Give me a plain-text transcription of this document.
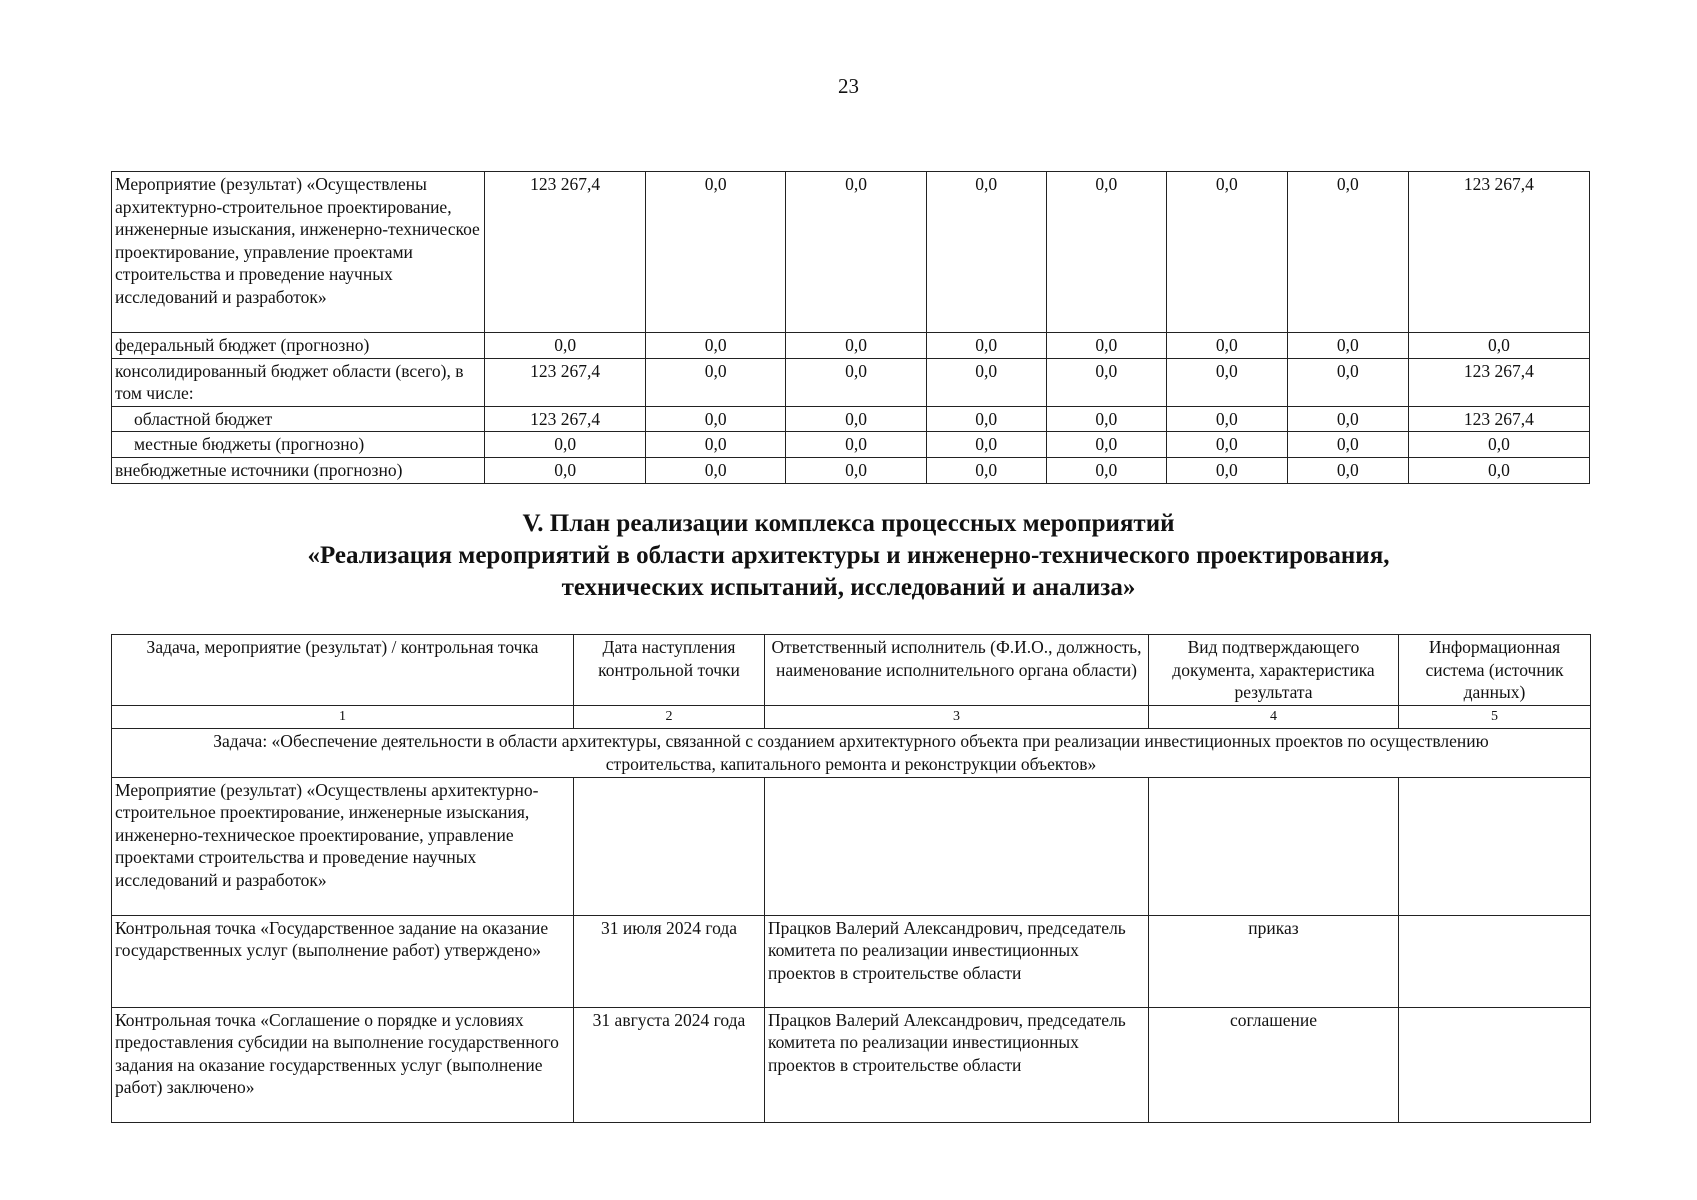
23
Мероприятие (результат) «Осуществлены архитектурно-строительное проектирование, инженерные изыскания, инженерно-техническое проектирование, управление проектами строительства и проведение научных исследований и разработок»	123 267,4	0,0	0,0	0,0	0,0	0,0	0,0	123 267,4
федеральный бюджет (прогнозно)	0,0	0,0	0,0	0,0	0,0	0,0	0,0	0,0
консолидированный бюджет области (всего), в том числе:	123 267,4	0,0	0,0	0,0	0,0	0,0	0,0	123 267,4
областной бюджет	123 267,4	0,0	0,0	0,0	0,0	0,0	0,0	123 267,4
местные бюджеты (прогнозно)	0,0	0,0	0,0	0,0	0,0	0,0	0,0	0,0
внебюджетные источники (прогнозно)	0,0	0,0	0,0	0,0	0,0	0,0	0,0	0,0
V. План реализации комплекса процессных мероприятий
«Реализация мероприятий в области архитектуры и инженерно-технического проектирования,
технических испытаний, исследований и анализа»
Задача, мероприятие (результат) / контрольная точка	Дата наступления контрольной точки	Ответственный исполнитель (Ф.И.О., должность, наименование исполнительного органа области)	Вид подтверждающего документа, характеристика результата	Информационная система (источник данных)
1	2	3	4	5
Задача: «Обеспечение деятельности в области архитектуры, связанной с созданием архитектурного объекта при реализации инвестиционных проектов по осуществлению строительства, капитального ремонта и реконструкции объектов»				
Мероприятие (результат) «Осуществлены архитектурно-строительное проектирование, инженерные изыскания, инженерно-техническое проектирование, управление проектами строительства и проведение научных исследований и разработок»				
Контрольная точка «Государственное задание на оказание государственных услуг (выполнение работ) утверждено»	31 июля 2024 года	Працков Валерий Александрович, председатель комитета по реализации инвестиционных проектов в строительстве области	приказ	
Контрольная точка «Соглашение о порядке и условиях предоставления субсидии на выполнение государственного задания на оказание государственных услуг (выполнение работ) заключено»	31 августа 2024 года	Працков Валерий Александрович, председатель комитета по реализации инвестиционных проектов в строительстве области	соглашение	
